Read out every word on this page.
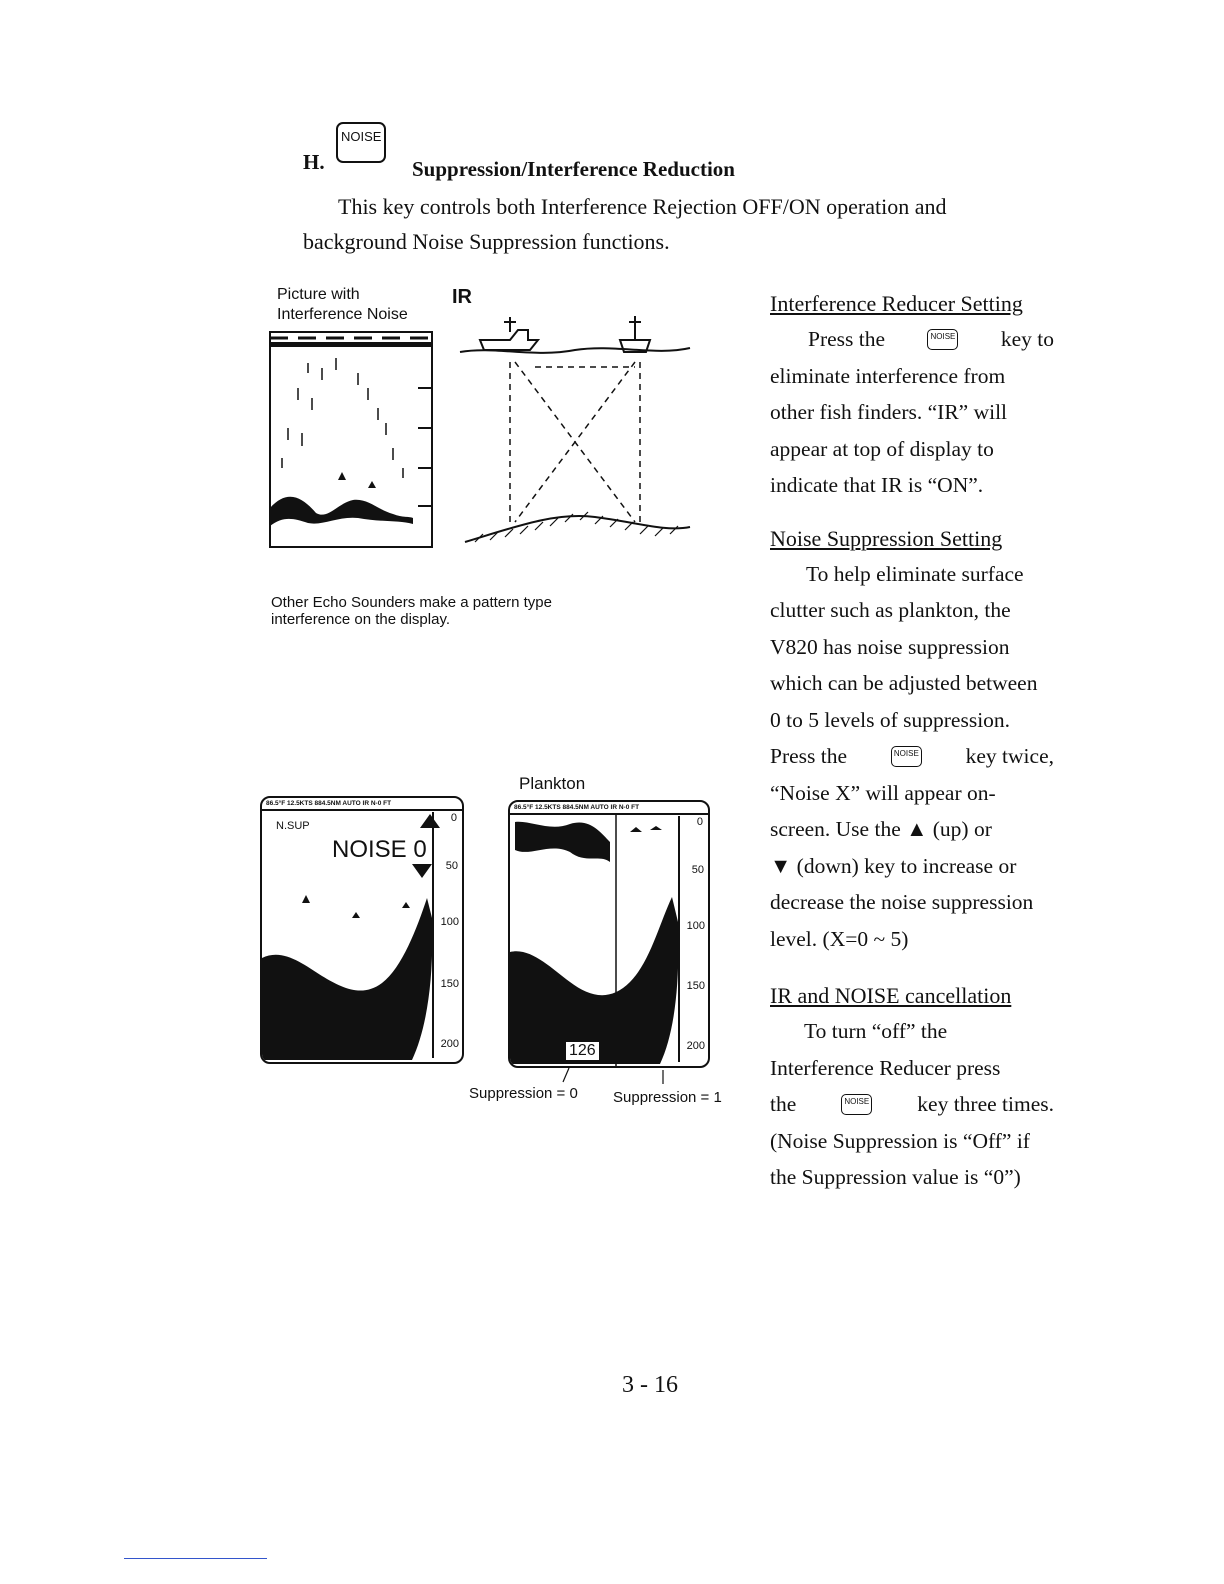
H.
NOISE
Suppression/Interference Reduction
This key controls both Interference Rejection OFF/ON operation and
background Noise Suppression functions.
Picture with
Interference Noise
IR
Other Echo Sounders make a pattern type
interference on the display.
Plankton
86.5°F 12.5KTS 884.5NM AUTO IR N-0 FT
N.SUP
NOISE 0
0
50
100
150
200
86.5°F 12.5KTS 884.5NM AUTO IR N-0 FT
0
50
100
150
200
126
Suppression = 0 Suppression = 1
Interference Reducer Setting
Press the	NOISE key to
eliminate interference from
other fish finders. “IR” will
appear at top of display to
indicate that IR is “ON”.
Noise Suppression Setting
To help eliminate surface
clutter such as plankton, the
V820 has noise suppression
which can be adjusted between
0 to 5 levels of suppression.
Press the	NOISE key twice,
“Noise X” will appear on-
screen. Use the ▲ (up) or
▼ (down) key to increase or
decrease the noise suppression
level. (X=0 ~ 5)
IR and NOISE cancellation
To turn “off” the
Interference Reducer press
the	NOISE key three times.
(Noise Suppression is “Off” if
the Suppression value is “0”)
3 - 16
